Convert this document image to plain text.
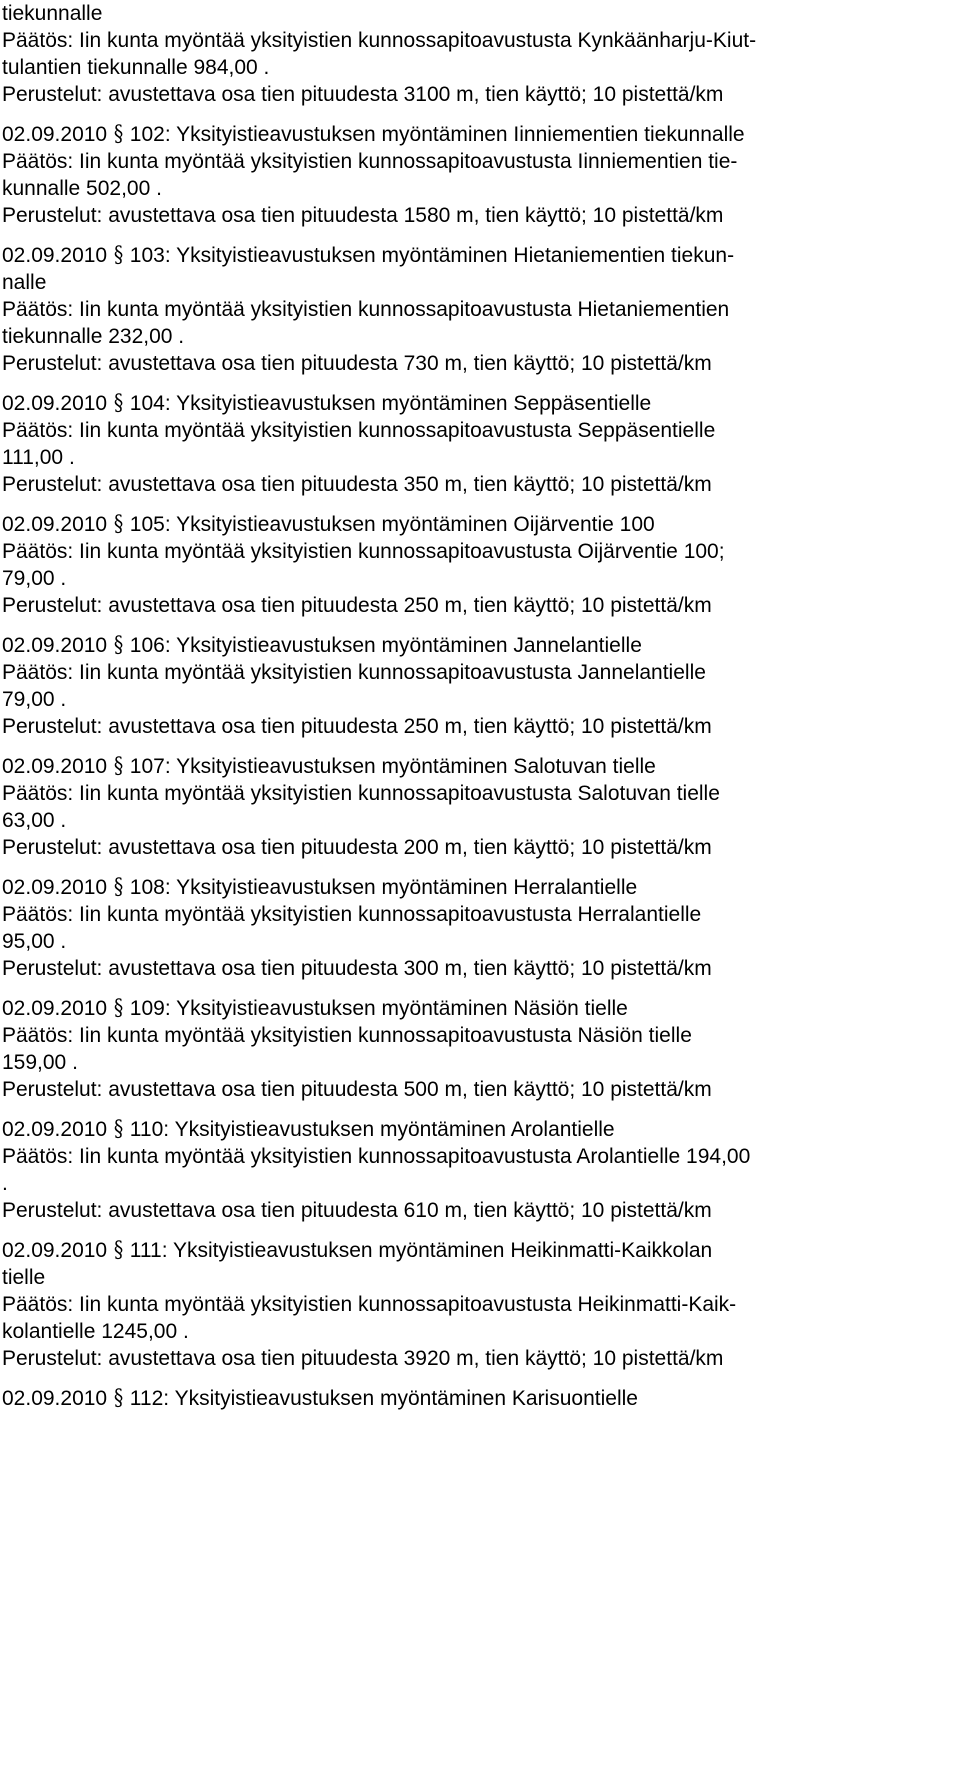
tiekunnalle
Päätös: Iin kunta myöntää yksityistien kunnossapitoavustusta Kynkäänharju-Kiut-
tulantien tiekunnalle 984,00 .
Perustelut: avustettava osa tien pituudesta 3100 m, tien käyttö; 10 pistettä/km
02.09.2010 § 102: Yksityistieavustuksen myöntäminen Iinniementien tiekunnalle
Päätös: Iin kunta myöntää yksityistien kunnossapitoavustusta Iinniementien tie-
kunnalle 502,00 .
Perustelut: avustettava osa tien pituudesta 1580 m, tien käyttö; 10 pistettä/km
02.09.2010 § 103: Yksityistieavustuksen myöntäminen Hietaniementien tiekun-
nalle
Päätös: Iin kunta myöntää yksityistien kunnossapitoavustusta Hietaniementien
tiekunnalle 232,00 .
Perustelut: avustettava osa tien pituudesta 730 m, tien käyttö; 10 pistettä/km
02.09.2010 § 104: Yksityistieavustuksen myöntäminen Seppäsentielle
Päätös: Iin kunta myöntää yksityistien kunnossapitoavustusta Seppäsentielle
111,00 .
Perustelut: avustettava osa tien pituudesta 350 m, tien käyttö; 10 pistettä/km
02.09.2010 § 105: Yksityistieavustuksen myöntäminen Oijärventie 100
Päätös: Iin kunta myöntää yksityistien kunnossapitoavustusta Oijärventie 100;
79,00 .
Perustelut: avustettava osa tien pituudesta 250 m, tien käyttö; 10 pistettä/km
02.09.2010 § 106: Yksityistieavustuksen myöntäminen Jannelantielle
Päätös: Iin kunta myöntää yksityistien kunnossapitoavustusta Jannelantielle
79,00 .
Perustelut: avustettava osa tien pituudesta 250 m, tien käyttö; 10 pistettä/km
02.09.2010 § 107: Yksityistieavustuksen myöntäminen Salotuvan tielle
Päätös: Iin kunta myöntää yksityistien kunnossapitoavustusta Salotuvan tielle
63,00 .
Perustelut: avustettava osa tien pituudesta 200 m, tien käyttö; 10 pistettä/km
02.09.2010 § 108: Yksityistieavustuksen myöntäminen Herralantielle
Päätös: Iin kunta myöntää yksityistien kunnossapitoavustusta Herralantielle
95,00 .
Perustelut: avustettava osa tien pituudesta 300 m, tien käyttö; 10 pistettä/km
02.09.2010 § 109: Yksityistieavustuksen myöntäminen Näsiön tielle
Päätös: Iin kunta myöntää yksityistien kunnossapitoavustusta Näsiön tielle
159,00 .
Perustelut: avustettava osa tien pituudesta 500 m, tien käyttö; 10 pistettä/km
02.09.2010 § 110: Yksityistieavustuksen myöntäminen Arolantielle
Päätös: Iin kunta myöntää yksityistien kunnossapitoavustusta Arolantielle 194,00
.
Perustelut: avustettava osa tien pituudesta 610 m, tien käyttö; 10 pistettä/km
02.09.2010 § 111: Yksityistieavustuksen myöntäminen Heikinmatti-Kaikkolan
tielle
Päätös: Iin kunta myöntää yksityistien kunnossapitoavustusta Heikinmatti-Kaik-
kolantielle 1245,00 .
Perustelut: avustettava osa tien pituudesta 3920 m, tien käyttö; 10 pistettä/km
02.09.2010 § 112: Yksityistieavustuksen myöntäminen Karisuontielle
